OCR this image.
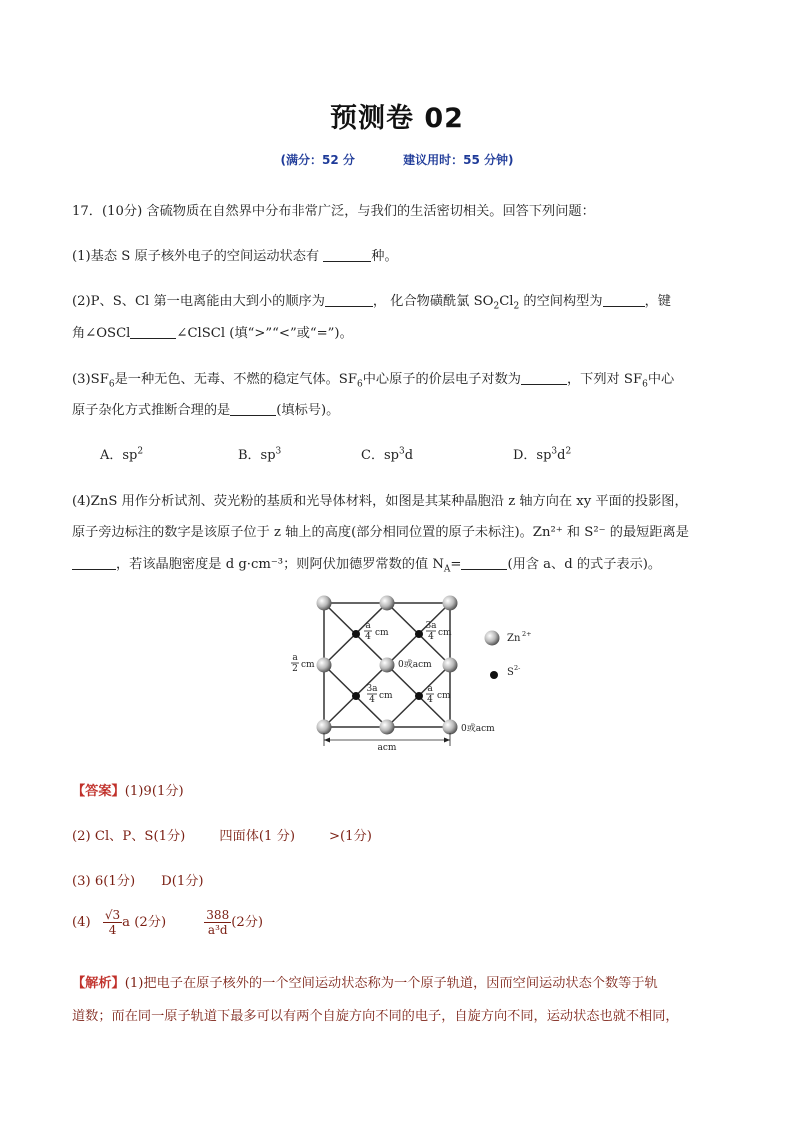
预测卷 02
(满分：52 分	建议用时：55 分钟)
17．(10分) 含硫物质在自然界中分布非常广泛，与我们的生活密切相关。回答下列问题：
(1)基态 S 原子核外电子的空间运动状态有	种。
(2)P、S、Cl 第一电离能由大到小的顺序为	， 化合物磺酰氯 $SO_2Cl_2$ 的空间构型为	，键
角∠OSCl	∠ClSCl (填“>”“<”或“=”)。
$(3)SF_6$是一种无色、无毒、不燃的稳定气体。$SF_6$中心原子的价层电子对数为	，下列对 $SF_6$中心
原子杂化方式推断合理的是	(填标号)。
A．$sp^2$	B．$sp^3$	C．$sp^3d$	D．$sp^3d^2$
(4)ZnS 用作分析试剂、荧光粉的基质和光导体材料，如图是其某种晶胞沿 z 轴方向在 xy 平面的投影图，
原子旁边标注的数字是该原子位于 z 轴上的高度(部分相同位置的原子未标注)。Zn²⁺ 和 S²⁻ 的最短距离是
，若该晶胞密度是 d g·cm⁻³；则阿伏加德罗常数的值 $N_A=$	(用含 a、d 的式子表示)。
a
4 cm
3a
4 cm
0或acm
a
2 cm
3a
4 cm
a
4 cm
0或acm
acm
Zn 2+
S 2-
【答案】(1)9(1分)
(2) Cl、P、S(1分)	四面体(1 分)	>(1分)
(3) 6(1分) D(1分)
$(4) \frac{√3}{4}$ a (2分)	$\frac{388}{\text{a³d}} (2$分)
【解析】(1)把电子在原子核外的一个空间运动状态称为一个原子轨道，因而空间运动状态个数等于轨
道数；而在同一原子轨道下最多可以有两个自旋方向不同的电子，自旋方向不同，运动状态也就不相同，
